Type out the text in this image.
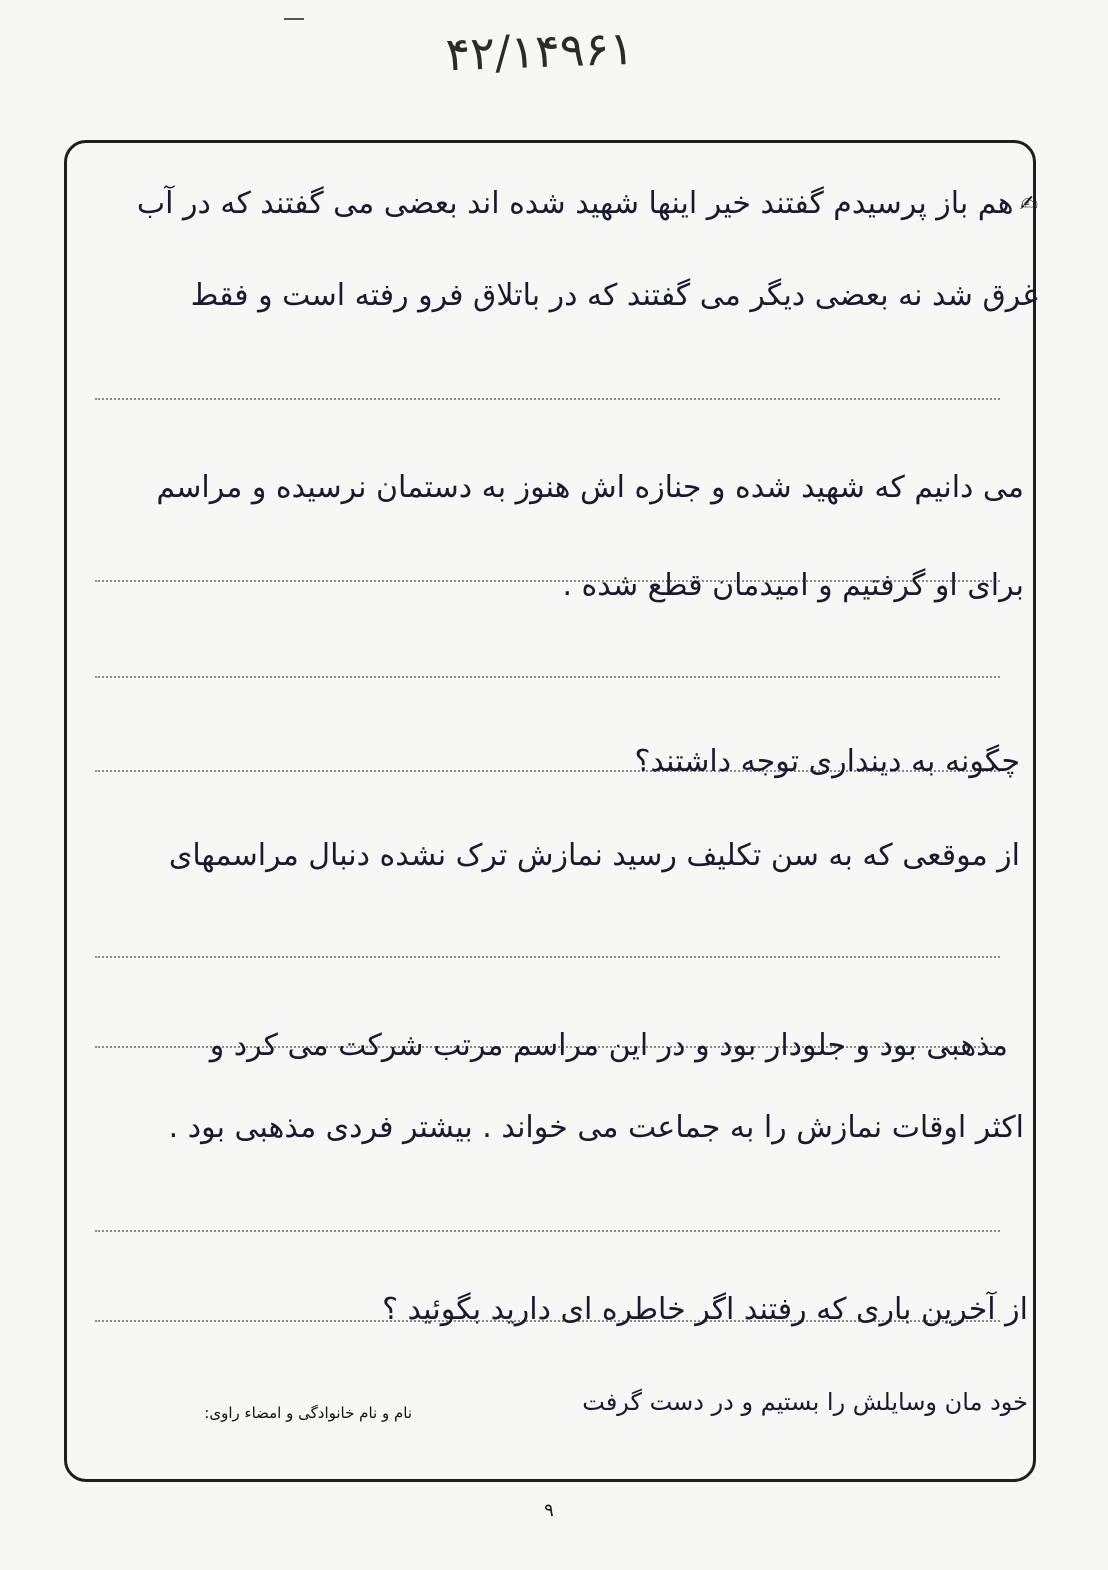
۴۲/۱۴۹۶۱
✍هم باز پرسیدم گفتند خیر اینها شهید شده اند بعضی می گفتند که در آب
غرق شد نه بعضی دیگر می گفتند که در باتلاق فرو رفته است و فقط
می دانیم که شهید شده و جنازه اش هنوز به دستمان نرسیده و مراسم
برای او گرفتیم و امیدمان قطع شده .
چگونه به دینداری توجه داشتند؟
از موقعی که به سن تکلیف رسید نمازش ترک نشده دنبال مراسمهای
مذهبی بود و جلودار بود و در این مراسم مرتب شرکت می کرد و
اکثر اوقات نمازش را به جماعت می خواند . بیشتر فردی مذهبی بود .
از آخرین باری که رفتند اگر خاطره ای دارید بگوئید ؟
خود مان وسایلش را بستیم و در دست گرفت
نام و نام خانوادگی و امضاء راوی:
۹
